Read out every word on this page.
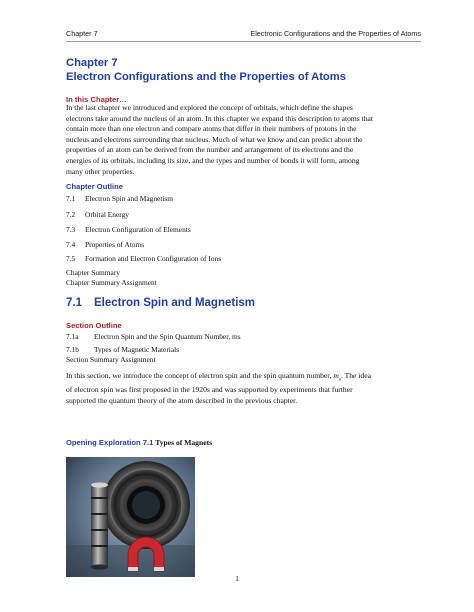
Chapter 7	Electronic Configurations and the Properties of Atoms
Chapter 7
Electron Configurations and the Properties of Atoms
In this Chapter…
In the last chapter we introduced and explored the concept of orbitals, which define the shapes
electrons take around the nucleus of an atom. In this chapter we expand this description to atoms that
contain more than one electron and compare atoms that differ in their numbers of protons in the
nucleus and electrons surrounding that nucleus. Much of what we know and can predict about the
properties of an atom can be derived from the number and arrangement of its electrons and the
energies of its orbitals, including its size, and the types and number of bonds it will form, among
many other properties.
Chapter Outline
7.1 Electron Spin and Magnetism
7.2 Orbital Energy
7.3 Electron Configuration of Elements
7.4 Properties of Atoms
7.5 Formation and Electron Configuration of Ions
Chapter Summary
Chapter Summary Assignment
7.1 Electron Spin and Magnetism
Section Outline
7.1a Electron Spin and the Spin Quantum Number, ms
7.1b Types of Magnetic Materials
Section Summary Assignment
In this section, we introduce the concept of electron spin and the spin quantum number, $m_s$. The idea
of electron spin was first proposed in the 1920s and was supported by experiments that further
supported the quantum theory of the atom described in the previous chapter.
Opening Exploration 7.1 Types of Magnets
1
